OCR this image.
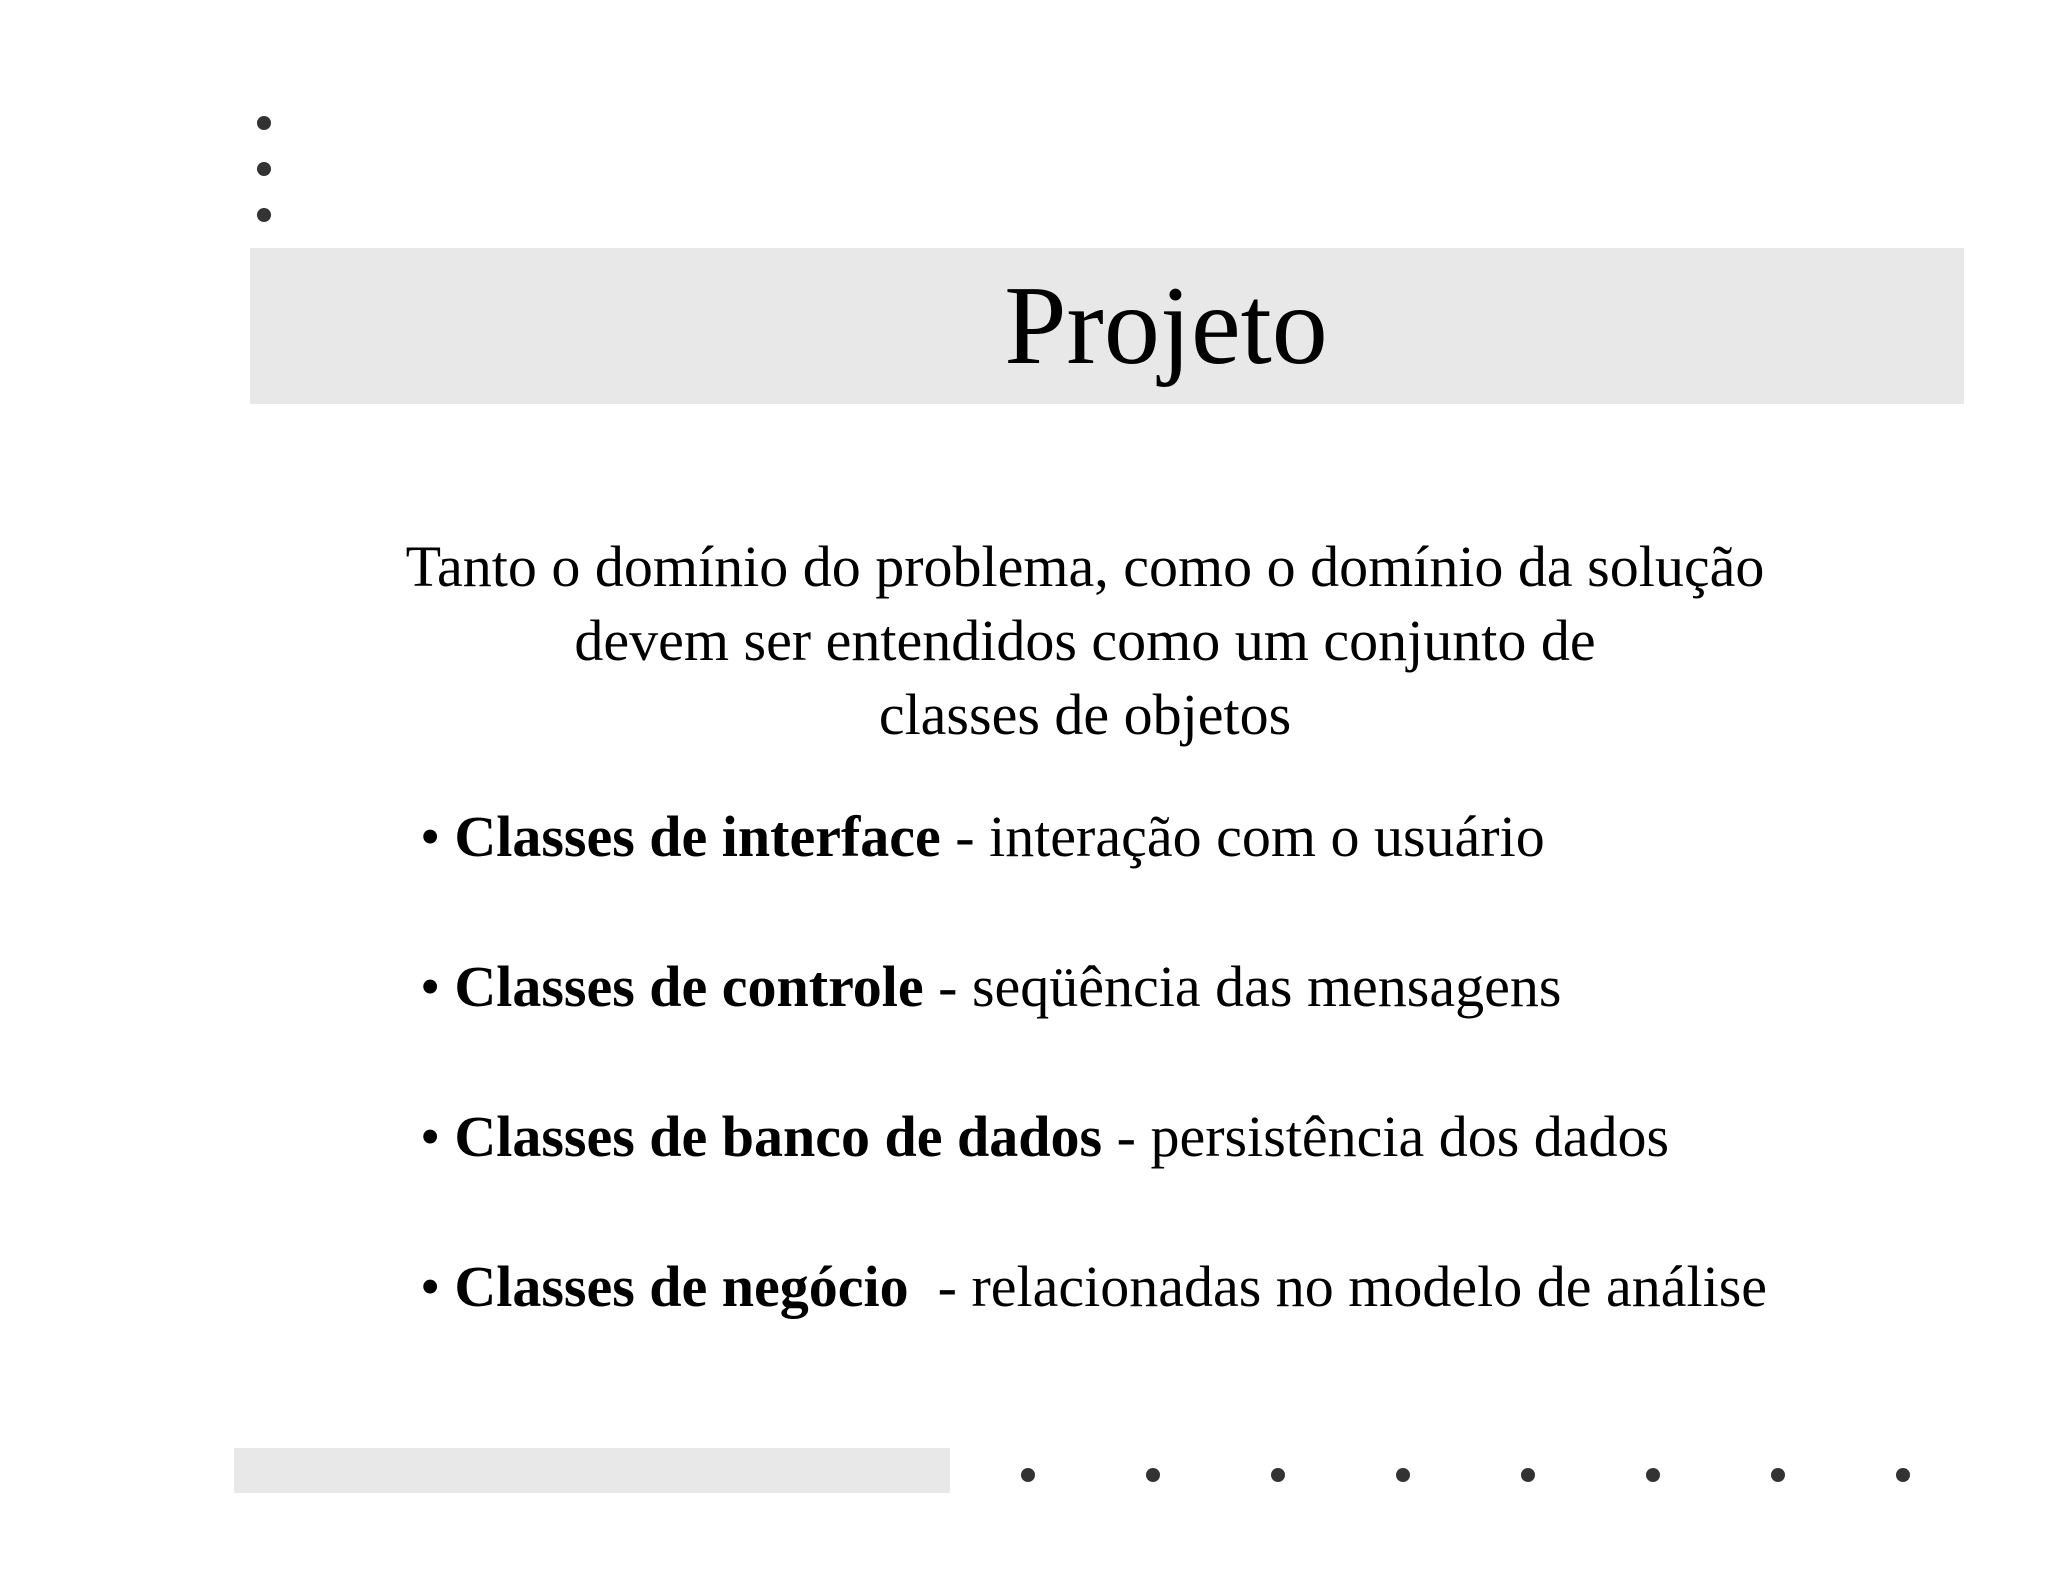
Projeto
Tanto o domínio do problema, como o domínio da solução
devem ser entendidos como um conjunto de
classes de objetos
• Classes de interface - interação com o usuário
• Classes de controle - seqüência das mensagens
• Classes de banco de dados - persistência dos dados
• Classes de negócio  - relacionadas no modelo de análise
